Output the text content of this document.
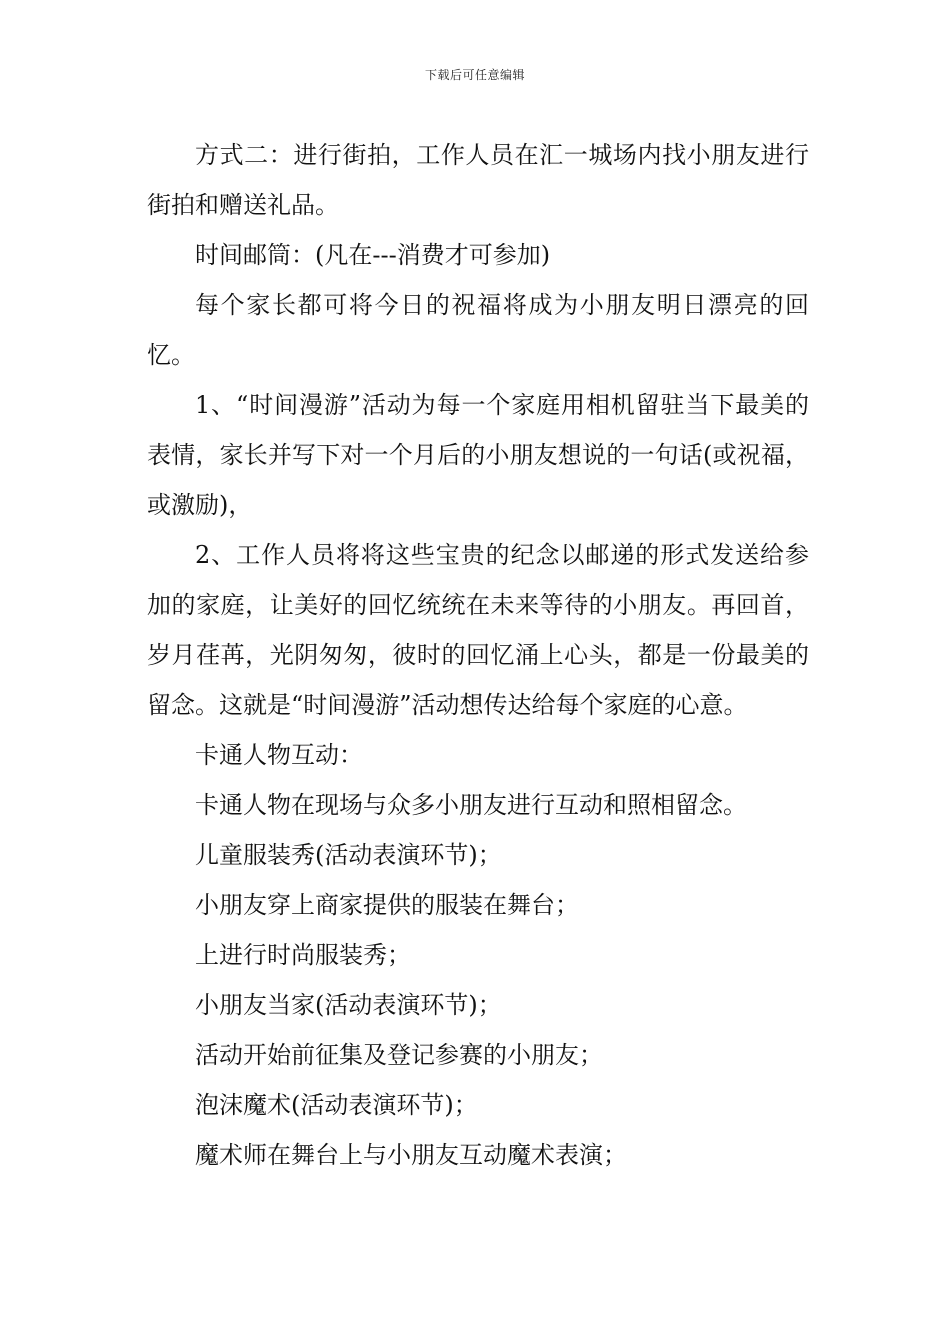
下载后可任意编辑

方式二：进行街拍，工作人员在汇一城场内找小朋友进行街拍和赠送礼品。

时间邮筒：(凡在---消费才可参加)

每个家长都可将今日的祝福将成为小朋友明日漂亮的回忆。

1、“时间漫游”活动为每一个家庭用相机留驻当下最美的表情，家长并写下对一个月后的小朋友想说的一句话(或祝福，或激励)，

2、工作人员将将这些宝贵的纪念以邮递的形式发送给参加的家庭，让美好的回忆统统在未来等待的小朋友。再回首，岁月荏苒，光阴匆匆，彼时的回忆涌上心头，都是一份最美的留念。这就是“时间漫游”活动想传达给每个家庭的心意。

卡通人物互动：

卡通人物在现场与众多小朋友进行互动和照相留念。

儿童服装秀(活动表演环节)；

小朋友穿上商家提供的服装在舞台；

上进行时尚服装秀；

小朋友当家(活动表演环节)；

活动开始前征集及登记参赛的小朋友；

泡沫魔术(活动表演环节)；

魔术师在舞台上与小朋友互动魔术表演；
